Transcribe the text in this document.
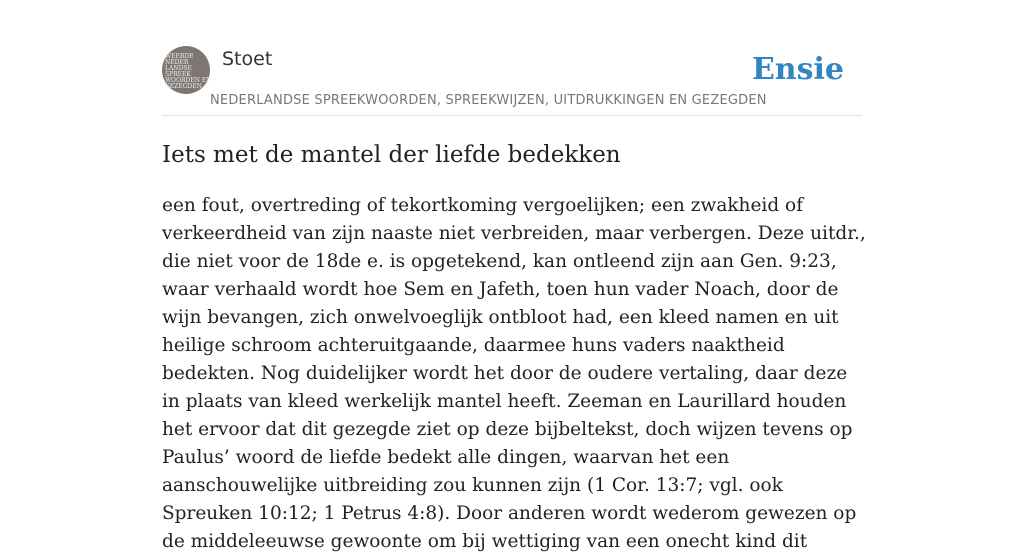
WEERDE
NEDER
LANDSE
SPREEK
WOORDEN EN
GEZEGDEN
Stoet	Ensie
NEDERLANDSE SPREEKWOORDEN, SPREEKWIJZEN, UITDRUKKINGEN EN GEZEGDEN
Iets met de mantel der liefde bedekken

een fout, overtreding of tekortkoming vergoelijken; een zwakheid of verkeerdheid van zijn naaste niet verbreiden, maar verbergen. Deze uitdr., die niet voor de 18de e. is opgetekend, kan ontleend zijn aan Gen. 9:23, waar verhaald wordt hoe Sem en Jafeth, toen hun vader Noach, door de wijn bevangen, zich onwelvoeglijk ontbloot had, een kleed namen en uit heilige schroom achteruitgaande, daarmee huns vaders naaktheid bedekten. Nog duidelijker wordt het door de oudere vertaling, daar deze in plaats van kleed werkelijk mantel heeft. Zeeman en Laurillard houden het ervoor dat dit gezegde ziet op deze bijbeltekst, doch wijzen tevens op Paulus’ woord de liefde bedekt alle dingen, waarvan het een aanschouwelijke uitbreiding zou kunnen zijn (1 Cor. 13:7; vgl. ook Spreuken 10:12; 1 Petrus 4:8). Door anderen wordt wederom gewezen op de middeleeuwse gewoonte om bij wettiging van een onecht kind dit
